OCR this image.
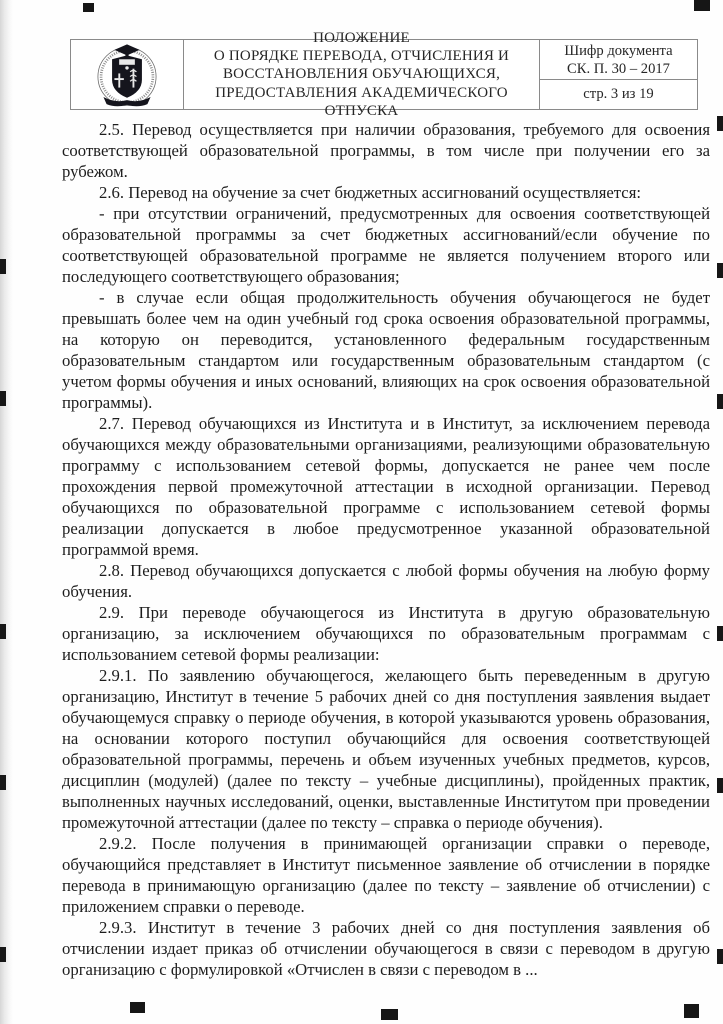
ПОЛОЖЕНИЕ
О ПОРЯДКЕ ПЕРЕВОДА, ОТЧИСЛЕНИЯ И
ВОССТАНОВЛЕНИЯ ОБУЧАЮЩИХСЯ,
ПРЕДОСТАВЛЕНИЯ АКАДЕМИЧЕСКОГО ОТПУСКА
Шифр документа
СК. П. 30 – 2017
стр. 3 из 19

2.5. Перевод осуществляется при наличии образования, требуемого для освоения соответствующей образовательной программы, в том числе при получении его за рубежом.

2.6. Перевод на обучение за счет бюджетных ассигнований осуществляется:

- при отсутствии ограничений, предусмотренных для освоения соответствующей образовательной программы за счет бюджетных ассигнований/если обучение по соответствующей образовательной программе не является получением второго или последующего соответствующего образования;

- в случае если общая продолжительность обучения обучающегося не будет превышать более чем на один учебный год срока освоения образовательной программы, на которую он переводится, установленного федеральным государственным образовательным стандартом или государственным образовательным стандартом (с учетом формы обучения и иных оснований, влияющих на срок освоения образовательной программы).

2.7. Перевод обучающихся из Института и в Институт, за исключением перевода обучающихся между образовательными организациями, реализующими образовательную программу с использованием сетевой формы, допускается не ранее чем после прохождения первой промежуточной аттестации в исходной организации. Перевод обучающихся по образовательной программе с использованием сетевой формы реализации допускается в любое предусмотренное указанной образовательной программой время.

2.8. Перевод обучающихся допускается с любой формы обучения на любую форму обучения.

2.9. При переводе обучающегося из Института в другую образовательную организацию, за исключением обучающихся по образовательным программам с использованием сетевой формы реализации:

2.9.1. По заявлению обучающегося, желающего быть переведенным в другую организацию, Институт в течение 5 рабочих дней со дня поступления заявления выдает обучающемуся справку о периоде обучения, в которой указываются уровень образования, на основании которого поступил обучающийся для освоения соответствующей образовательной программы, перечень и объем изученных учебных предметов, курсов, дисциплин (модулей) (далее по тексту – учебные дисциплины), пройденных практик, выполненных научных исследований, оценки, выставленные Институтом при проведении промежуточной аттестации (далее по тексту – справка о периоде обучения).

2.9.2. После получения в принимающей организации справки о переводе, обучающийся представляет в Институт письменное заявление об отчислении в порядке перевода в принимающую организацию (далее по тексту – заявление об отчислении) с приложением справки о переводе.

2.9.3. Институт в течение 3 рабочих дней со дня поступления заявления об отчислении издает приказ об отчислении обучающегося в связи с переводом в другую организацию с формулировкой «Отчислен в связи с переводом в ...
